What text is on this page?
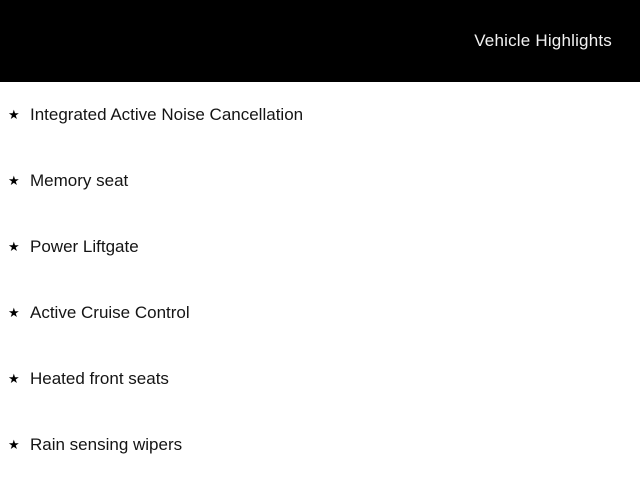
Vehicle Highlights
★ Integrated Active Noise Cancellation
★ Memory seat
★ Power Liftgate
★ Active Cruise Control
★ Heated front seats
★ Rain sensing wipers
